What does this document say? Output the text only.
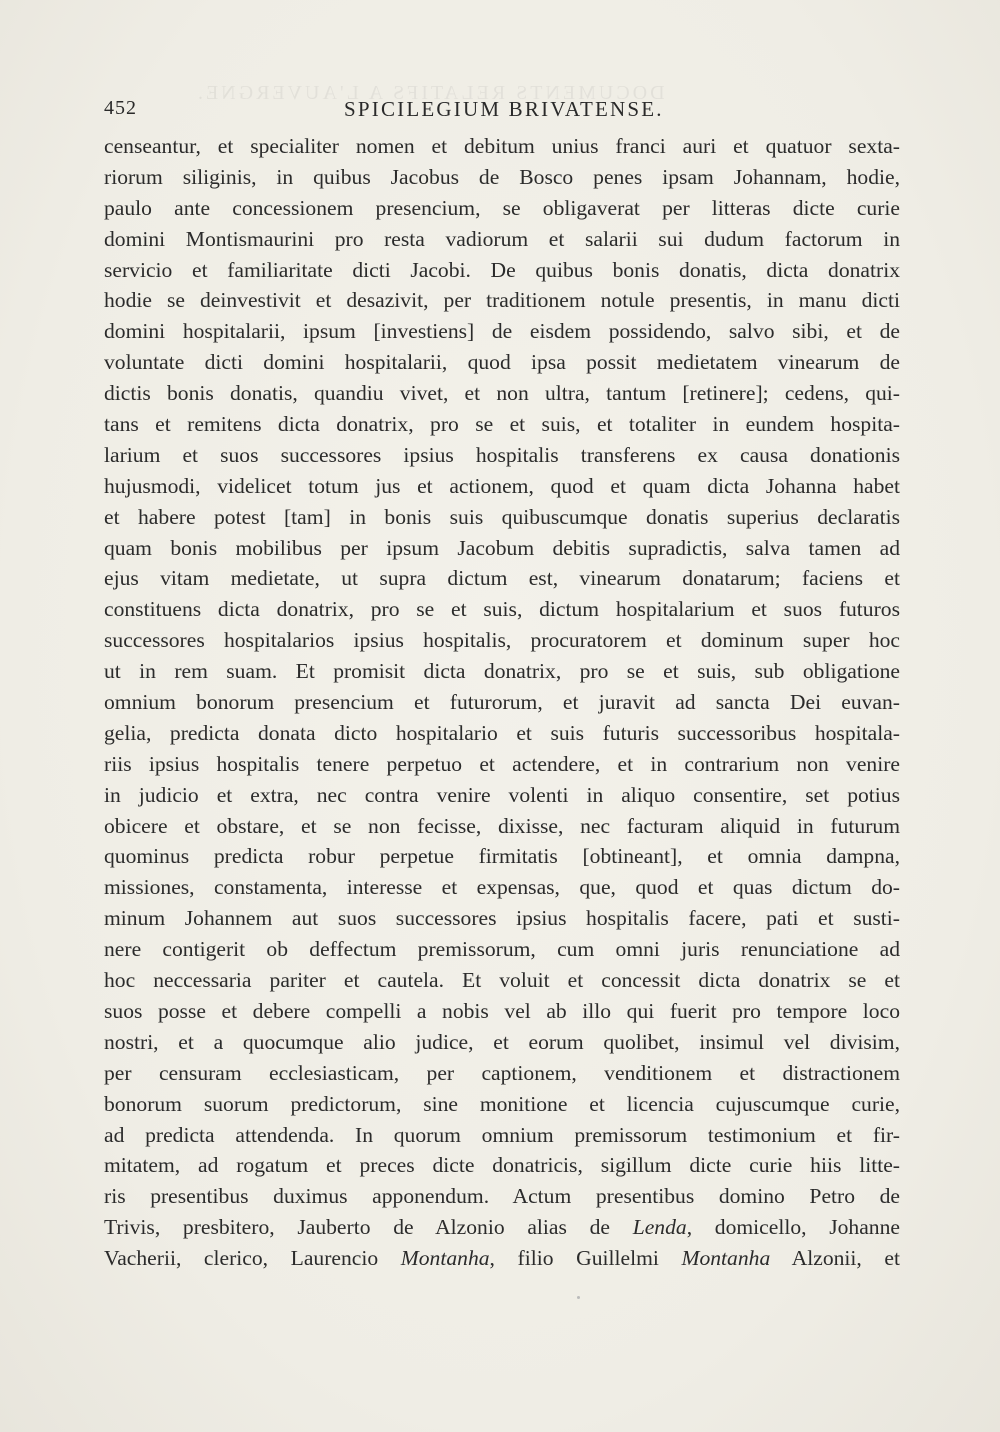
DOCUMENTS RELATIFS A L'AUVERGNE.
452	SPICILEGIUM BRIVATENSE.
censeantur, et specialiter nomen et debitum unius franci auri et quatuor sexta-
riorum siliginis, in quibus Jacobus de Bosco penes ipsam Johannam, hodie,
paulo ante concessionem presencium, se obligaverat per litteras dicte curie
domini Montismaurini pro resta vadiorum et salarii sui dudum factorum in
servicio et familiaritate dicti Jacobi. De quibus bonis donatis, dicta donatrix
hodie se deinvestivit et desazivit, per traditionem notule presentis, in manu dicti
domini hospitalarii, ipsum [investiens] de eisdem possidendo, salvo sibi, et de
voluntate dicti domini hospitalarii, quod ipsa possit medietatem vinearum de
dictis bonis donatis, quandiu vivet, et non ultra, tantum [retinere]; cedens, qui-
tans et remitens dicta donatrix, pro se et suis, et totaliter in eundem hospita-
larium et suos successores ipsius hospitalis transferens ex causa donationis
hujusmodi, videlicet totum jus et actionem, quod et quam dicta Johanna habet
et habere potest [tam] in bonis suis quibuscumque donatis superius declaratis
quam bonis mobilibus per ipsum Jacobum debitis supradictis, salva tamen ad
ejus vitam medietate, ut supra dictum est, vinearum donatarum; faciens et
constituens dicta donatrix, pro se et suis, dictum hospitalarium et suos futuros
successores hospitalarios ipsius hospitalis, procuratorem et dominum super hoc
ut in rem suam. Et promisit dicta donatrix, pro se et suis, sub obligatione
omnium bonorum presencium et futurorum, et juravit ad sancta Dei euvan-
gelia, predicta donata dicto hospitalario et suis futuris successoribus hospitala-
riis ipsius hospitalis tenere perpetuo et actendere, et in contrarium non venire
in judicio et extra, nec contra venire volenti in aliquo consentire, set potius
obicere et obstare, et se non fecisse, dixisse, nec facturam aliquid in futurum
quominus predicta robur perpetue firmitatis [obtineant], et omnia dampna,
missiones, constamenta, interesse et expensas, que, quod et quas dictum do-
minum Johannem aut suos successores ipsius hospitalis facere, pati et susti-
nere contigerit ob deffectum premissorum, cum omni juris renunciatione ad
hoc neccessaria pariter et cautela. Et voluit et concessit dicta donatrix se et
suos posse et debere compelli a nobis vel ab illo qui fuerit pro tempore loco
nostri, et a quocumque alio judice, et eorum quolibet, insimul vel divisim,
per censuram ecclesiasticam, per captionem, venditionem et distractionem
bonorum suorum predictorum, sine monitione et licencia cujuscumque curie,
ad predicta attendenda. In quorum omnium premissorum testimonium et fir-
mitatem, ad rogatum et preces dicte donatricis, sigillum dicte curie hiis litte-
ris presentibus duximus apponendum. Actum presentibus domino Petro de
Trivis, presbitero, Jauberto de Alzonio alias de Lenda, domicello, Johanne
Vacherii, clerico, Laurencio Montanha, filio Guillelmi Montanha Alzonii, et
